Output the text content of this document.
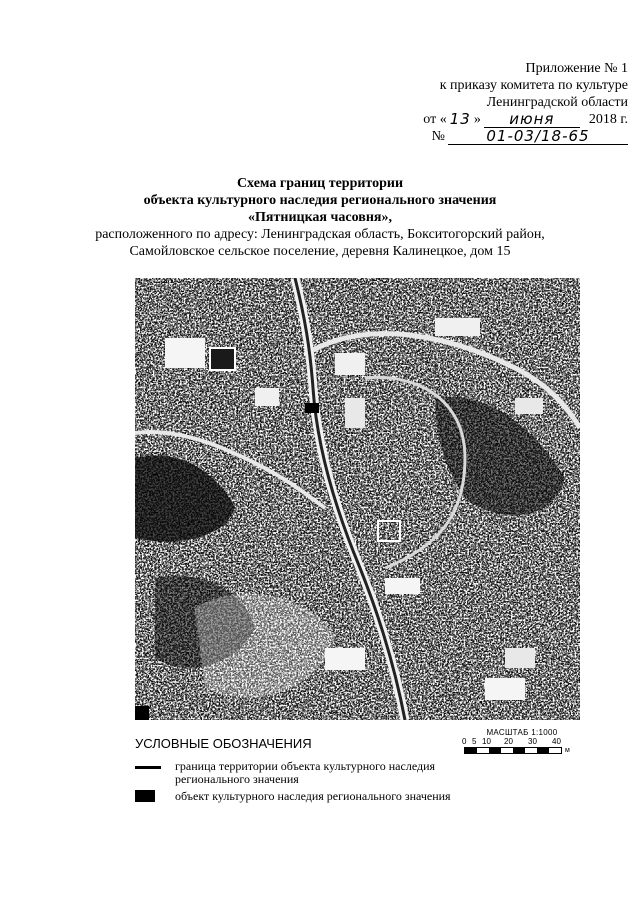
Приложение № 1
к приказу комитета по культуре
Ленинградской области
от « 13 »	июня	2018 г.
№	01-03/18-65
Схема границ территории
объекта культурного наследия регионального значения
«Пятницкая часовня»,
расположенного по адресу: Ленинградская область, Бокситогорский район,
Самойловское сельское поселение, деревня Калинецкое, дом 15
УСЛОВНЫЕ ОБОЗНАЧЕНИЯ
граница территории объекта культурного наследия регионального значения
объект культурного наследия регионального значения
МАСШТАБ 1:1000
0 5 10 20 30 40
м
